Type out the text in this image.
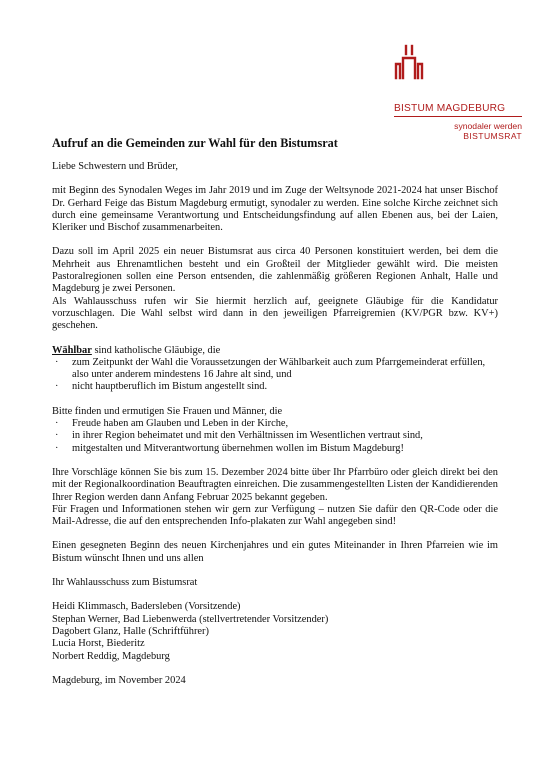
BISTUM MAGDEBURG
synodaler werden
BISTUMSRAT
Aufruf an die Gemeinden zur Wahl für den Bistumsrat

Liebe Schwestern und Brüder,

mit Beginn des Synodalen Weges im Jahr 2019 und im Zuge der Weltsynode 2021-2024 hat unser Bischof Dr. Gerhard Feige das Bistum Magdeburg ermutigt, synodaler zu werden. Eine solche Kirche zeichnet sich durch eine gemeinsame Verantwortung und Entscheidungsfindung auf allen Ebenen aus, bei der Laien, Kleriker und Bischof zusammenarbeiten.

Dazu soll im April 2025 ein neuer Bistumsrat aus circa 40 Personen konstituiert werden, bei dem die Mehrheit aus Ehrenamtlichen besteht und ein Großteil der Mitglieder gewählt wird. Die meisten Pastoralregionen sollen eine Person entsenden, die zahlenmäßig größeren Regionen Anhalt, Halle und Magdeburg je zwei Personen.

Als Wahlausschuss rufen wir Sie hiermit herzlich auf, geeignete Gläubige für die Kandidatur vorzuschlagen. Die Wahl selbst wird dann in den jeweiligen Pfarreigremien (KV/PGR bzw. KV+) geschehen.

Wählbar sind katholische Gläubige, die

· zum Zeitpunkt der Wahl die Voraussetzungen der Wählbarkeit auch zum Pfarrgemeinderat erfüllen, also unter anderem mindestens 16 Jahre alt sind, und
· nicht hauptberuflich im Bistum angestellt sind.

Bitte finden und ermutigen Sie Frauen und Männer, die

· Freude haben am Glauben und Leben in der Kirche,
· in ihrer Region beheimatet und mit den Verhältnissen im Wesentlichen vertraut sind,
· mitgestalten und Mitverantwortung übernehmen wollen im Bistum Magdeburg!

Ihre Vorschläge können Sie bis zum 15. Dezember 2024 bitte über Ihr Pfarrbüro oder gleich direkt bei den mit der Regionalkoordination Beauftragten einreichen. Die zusammengestellten Listen der Kandidierenden Ihrer Region werden dann Anfang Februar 2025 bekannt gegeben.

Für Fragen und Informationen stehen wir gern zur Verfügung – nutzen Sie dafür den QR-Code oder die Mail-Adresse, die auf den entsprechenden Info-plakaten zur Wahl angegeben sind!

Einen gesegneten Beginn des neuen Kirchenjahres und ein gutes Miteinander in Ihren Pfarreien wie im Bistum wünscht Ihnen und uns allen

Ihr Wahlausschuss zum Bistumsrat

Heidi Klimmasch, Badersleben (Vorsitzende)

Stephan Werner, Bad Liebenwerda (stellvertretender Vorsitzender)

Dagobert Glanz, Halle (Schriftführer)

Lucia Horst, Biederitz

Norbert Reddig, Magdeburg

Magdeburg, im November 2024
